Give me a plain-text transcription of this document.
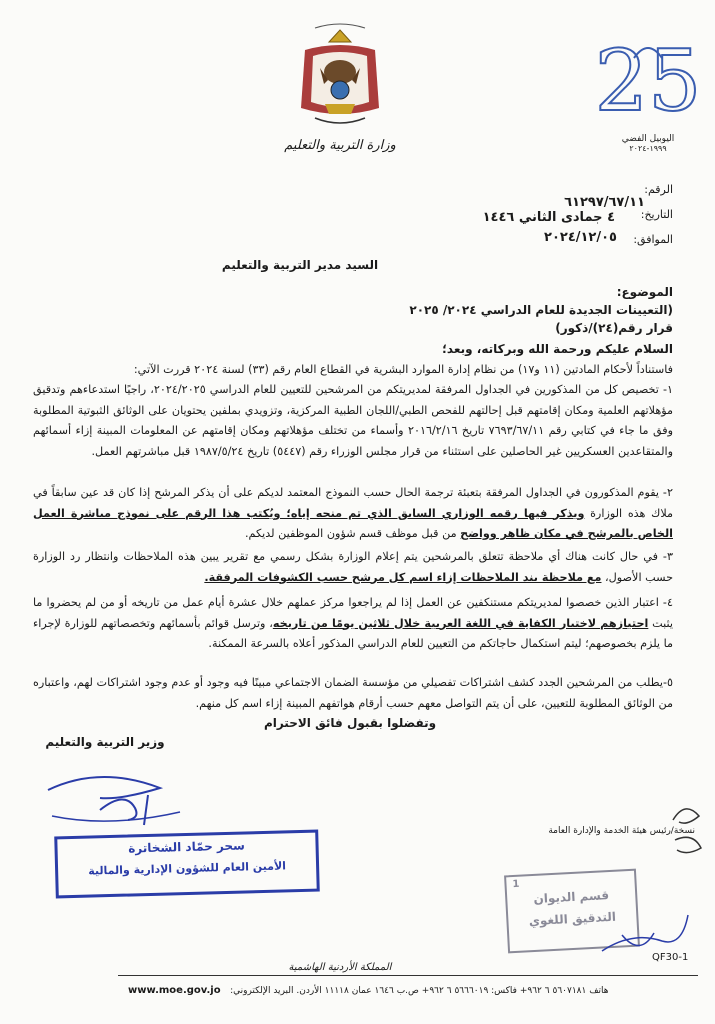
وزارة التربية والتعليم
25
اليوبيل الفضي
١٩٩٩-٢٠٢٤
الرقم:
٦١٢٩٧/٦٧/١١
التاريخ:
٤ جمادى الثاني ١٤٤٦
الموافق:
٢٠٢٤/١٢/٠٥
السيد مدير التربية والتعليم
الموضوع:
(التعيينات الجديدة للعام الدراسي ٢٠٢٤/ ٢٠٢٥
قرار رقم(٢٤)/ذكور)
السلام عليكم ورحمة الله وبركاته، وبعد؛
فاستناداً لأحكام المادتين (١١ و١٧) من نظام إدارة الموارد البشرية في القطاع العام رقم (٣٣) لسنة ٢٠٢٤ قررت الآتي:
١- تخصيص كل من المذكورين في الجداول المرفقة لمديريتكم من المرشحين للتعيين للعام الدراسي ٢٠٢٤/٢٠٢٥، راجيًا استدعاءهم وتدقيق مؤهلاتهم العلمية ومكان إقامتهم قبل إحالتهم للفحص الطبي/اللجان الطبية المركزية، وتزويدي بملفين يحتويان على الوثائق الثبوتية المطلوبة وفق ما جاء في كتابي رقم ٧٦٩٣/٦٧/١١ تاريخ ٢٠١٦/٢/١٦ وأسماء من تختلف مؤهلاتهم ومكان إقامتهم عن المعلومات المبينة إزاء أسمائهم والمتقاعدين العسكريين غير الحاصلين على استثناء من قرار مجلس الوزراء رقم (٥٤٤٧) تاريخ ١٩٨٧/٥/٢٤ قبل مباشرتهم العمل.
٢- يقوم المذكورون في الجداول المرفقة بتعبئة ترجمة الحال حسب النموذج المعتمد لديكم على أن يذكر المرشح إذا كان قد عين سابقاً في ملاك هذه الوزارة ويذكر فيها رقمه الوزاري السابق الذي تم منحه إياه؛ ويُكتب هذا الرقم على نموذج مباشرة العمل الخاص بالمرشح في مكان ظاهر وواضح من قبل موظف قسم شؤون الموظفين لديكم.
٣- في حال كانت هناك أي ملاحظة تتعلق بالمرشحين يتم إعلام الوزارة بشكل رسمي مع تقرير يبين هذه الملاحظات وانتظار رد الوزارة حسب الأصول، مع ملاحظة بند الملاحظات إزاء اسم كل مرشح حسب الكشوفات المرفقة.
٤- اعتبار الذين خصصوا لمديريتكم مستنكفين عن العمل إذا لم يراجعوا مركز عملهم خلال عشرة أيام عمل من تاريخه أو من لم يحضروا ما يثبت اجتيازهم لاختبار الكفاية في اللغة العربية خلال ثلاثين يومًا من تاريخه، وترسل قوائم بأسمائهم وتخصصاتهم للوزارة لإجراء ما يلزم بخصوصهم؛ ليتم استكمال حاجاتكم من التعيين للعام الدراسي المذكور أعلاه بالسرعة الممكنة.
٥-يطلب من المرشحين الجدد كشف اشتراكات تفصيلي من مؤسسة الضمان الاجتماعي مبينًا فيه وجود أو عدم وجود اشتراكات لهم، واعتباره من الوثائق المطلوبة للتعيين، على أن يتم التواصل معهم حسب أرقام هواتفهم المبينة إزاء اسم كل منهم.
وتفضلوا بقبول فائق الاحترام
وزير التربية والتعليم
سحر حمّاد الشخاترة
الأمين العام للشؤون الإدارية والمالية
نسخة/رئيس هيئة الخدمة والإدارة العامة
1
قسم الديوان
التدقيق اللغوي
QF30-1
المملكة الأردنية الهاشمية
www.moe.gov.jo هاتف ٥٦٠٧١٨١ ٦ ٩٦٢+ فاكس: ٥٦٦٦٠١٩ ٦ ٩٦٢+ ص.ب ١٦٤٦ عمان ١١١١٨ الأردن. البريد الإلكتروني:
